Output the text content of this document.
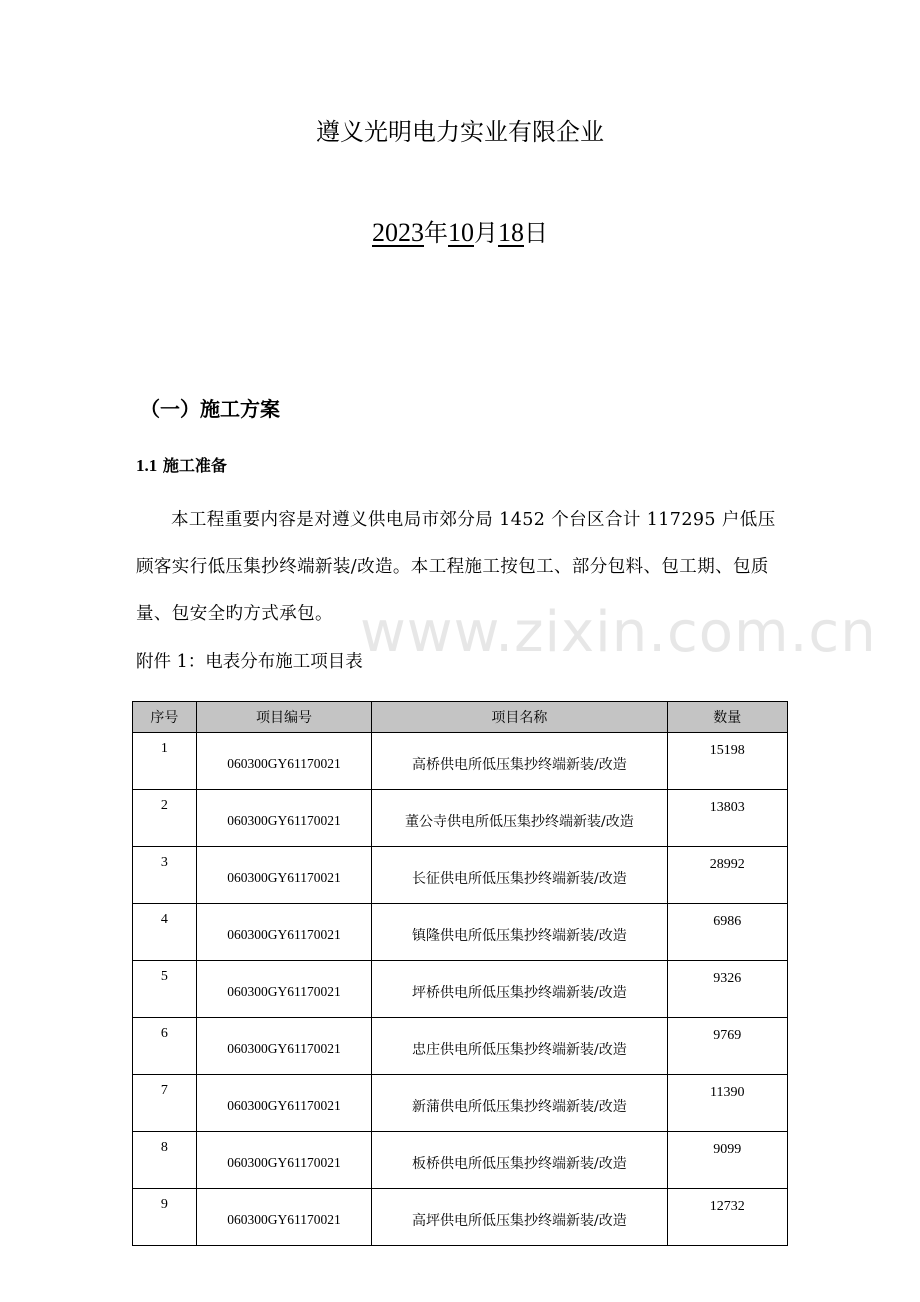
遵义光明电力实业有限企业
2023年10月18日
（一）施工方案
1.1 施工准备
本工程重要内容是对遵义供电局市郊分局 1452 个台区合计 117295 户低压顾客实行低压集抄终端新装/改造。本工程施工按包工、部分包料、包工期、包质量、包安全旳方式承包。 www.zixin.com.cn
附件 1：电表分布施工项目表
序号	项目编号	项目名称	数量
1	060300GY61170021	高桥供电所低压集抄终端新装/改造	15198
2	060300GY61170021	董公寺供电所低压集抄终端新装/改造	13803
3	060300GY61170021	长征供电所低压集抄终端新装/改造	28992
4	060300GY61170021	镇隆供电所低压集抄终端新装/改造	6986
5	060300GY61170021	坪桥供电所低压集抄终端新装/改造	9326
6	060300GY61170021	忠庄供电所低压集抄终端新装/改造	9769
7	060300GY61170021	新蒲供电所低压集抄终端新装/改造	11390
8	060300GY61170021	板桥供电所低压集抄终端新装/改造	9099
9	060300GY61170021	高坪供电所低压集抄终端新装/改造	12732
